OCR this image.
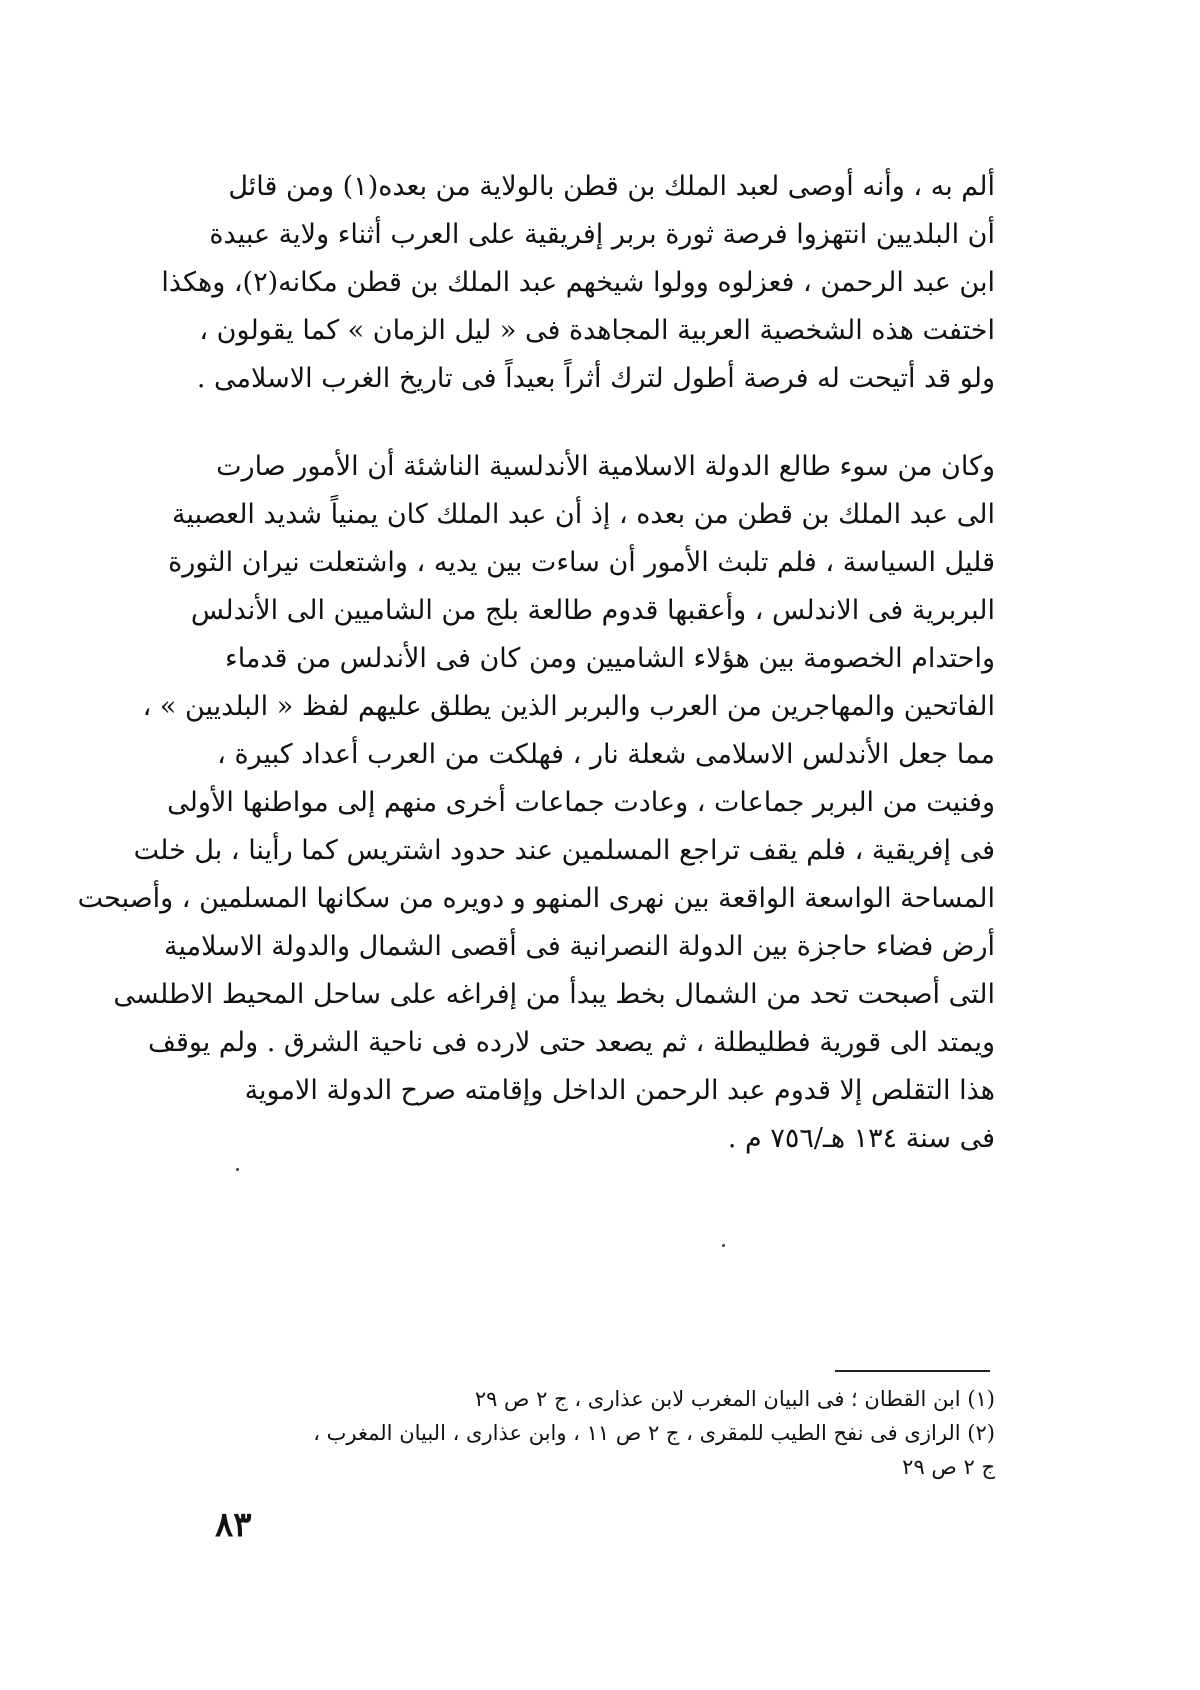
ألم به ، وأنه أوصى لعبد الملك بن قطن بالولاية من بعده(١) ومن قائل
أن البلديين انتهزوا فرصة ثورة بربر إفريقية على العرب أثناء ولاية عبيدة
ابن عبد الرحمن ، فعزلوه وولوا شيخهم عبد الملك بن قطن مكانه(٢)، وهكذا
اختفت هذه الشخصية العربية المجاهدة فى « ليل الزمان » كما يقولون ،
ولو قد أتيحت له فرصة أطول لترك أثراً بعيداً فى تاريخ الغرب الاسلامى .

وكان من سوء طالع الدولة الاسلامية الأندلسية الناشئة أن الأمور صارت
الى عبد الملك بن قطن من بعده ، إذ أن عبد الملك كان يمنياً شديد العصبية
قليل السياسة ، فلم تلبث الأمور أن ساءت بين يديه ، واشتعلت نيران الثورة
البربرية فى الاندلس ، وأعقبها قدوم طالعة بلج من الشاميين الى الأندلس
واحتدام الخصومة بين هؤلاء الشاميين ومن كان فى الأندلس من قدماء
الفاتحين والمهاجرين من العرب والبربر الذين يطلق عليهم لفظ « البلديين » ،
مما جعل الأندلس الاسلامى شعلة نار ، فهلكت من العرب أعداد كبيرة ،
وفنيت من البربر جماعات ، وعادت جماعات أخرى منهم إلى مواطنها الأولى
فى إفريقية ، فلم يقف تراجع المسلمين عند حدود اشتريس كما رأينا ، بل خلت
المساحة الواسعة الواقعة بين نهرى المنهو و دويره من سكانها المسلمين ، وأصبحت
أرض فضاء حاجزة بين الدولة النصرانية فى أقصى الشمال والدولة الاسلامية
التى أصبحت تحد من الشمال بخط يبدأ من إفراغه على ساحل المحيط الاطلسى
ويمتد الى قورية فطليطلة ، ثم يصعد حتى لارده فى ناحية الشرق . ولم يوقف
هذا التقلص إلا قدوم عبد الرحمن الداخل وإقامته صرح الدولة الاموية
فى سنة ١٣٤ هـ/٧٥٦ م .

(١) ابن القطان ؛ فى البيان المغرب لابن عذارى ، ج ٢ ص ٢٩
(٢) الرازى فى نفح الطيب للمقرى ، ج ٢ ص ١١ ، وابن عذارى ، البيان المغرب ،
ج ٢ ص ٢٩
٨٣
